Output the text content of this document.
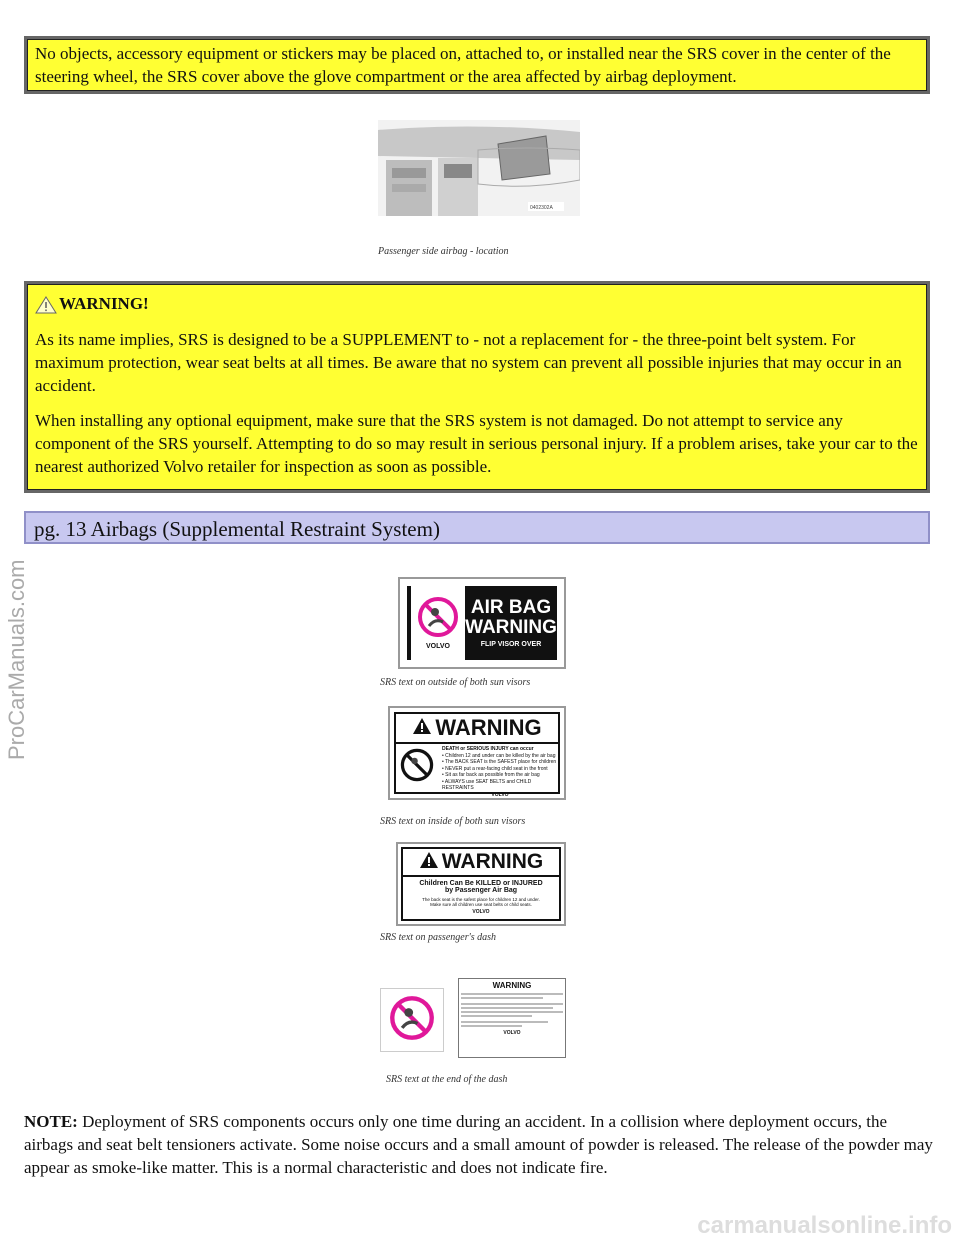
No objects, accessory equipment or stickers may be placed on, attached to, or installed near the SRS cover in the center of the steering wheel, the SRS cover above the glove compartment or the area affected by airbag deployment.

0402302A
Passenger side airbag - location
WARNING!

As its name implies, SRS is designed to be a SUPPLEMENT to - not a replacement for - the three-point belt system. For maximum protection, wear seat belts at all times. Be aware that no system can prevent all possible injuries that may occur in an accident.

When installing any optional equipment, make sure that the SRS system is not damaged. Do not attempt to service any component of the SRS yourself. Attempting to do so may result in serious personal injury. If a problem arises, take your car to the nearest authorized Volvo retailer for inspection as soon as possible.

pg. 13 Airbags (Supplemental Restraint System)
VOLVO
AIR BAG
WARNING
FLIP VISOR OVER
SRS text on outside of both sun visors
WARNING
DEATH or SERIOUS INJURY can occur
• Children 12 and under can be killed by the air bag
• The BACK SEAT is the SAFEST place for children
• NEVER put a rear-facing child seat in the front
• Sit as far back as possible from the air bag
• ALWAYS use SEAT BELTS and CHILD RESTRAINTS
VOLVO
SRS text on inside of both sun visors
WARNING
Children Can Be KILLED or INJURED
by Passenger Air Bag
The back seat is the safest place for children 12 and under.
Make sure all children use seat belts or child seats.
VOLVO
SRS text on passenger's dash
WARNING
VOLVO
SRS text at the end of the dash

NOTE: Deployment of SRS components occurs only one time during an accident. In a collision where deployment occurs, the airbags and seat belt tensioners activate. Some noise occurs and a small amount of powder is released. The release of the powder may appear as smoke-like matter. This is a normal characteristic and does not indicate fire.

ProCarManuals.com
carmanualsonline.info
